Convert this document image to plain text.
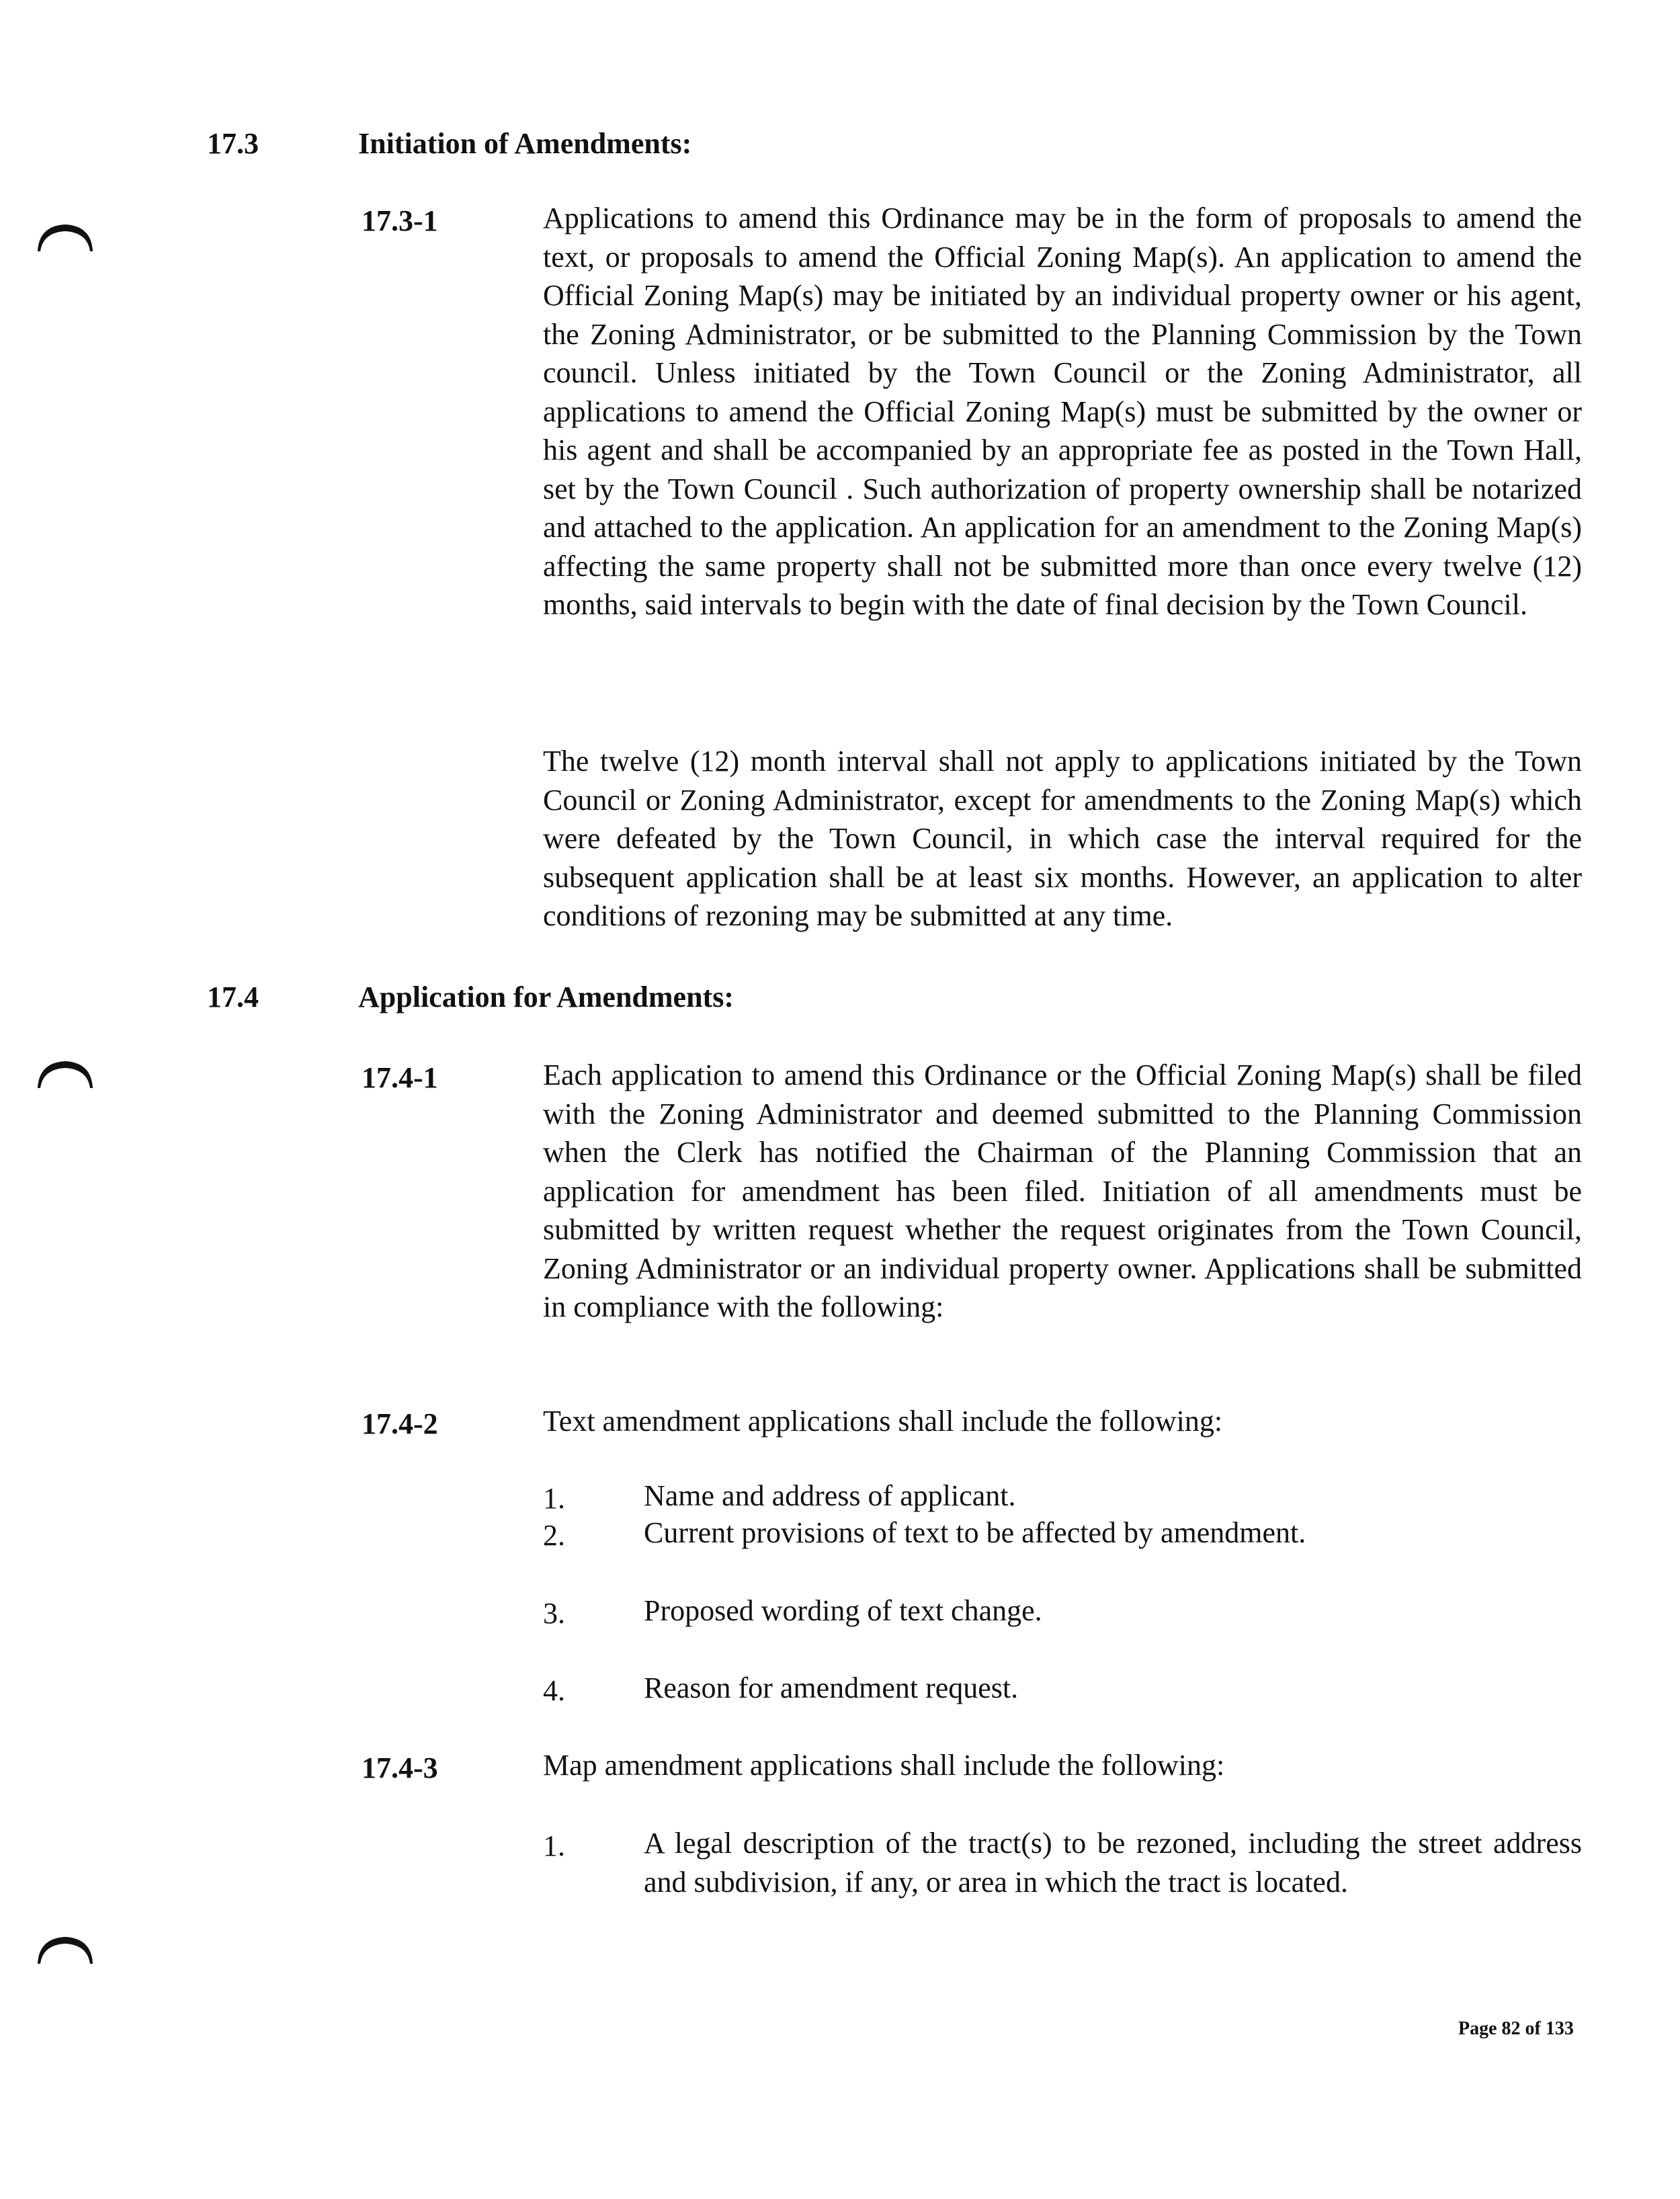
17.3	Initiation of Amendments:
17.3-1	Applications to amend this Ordinance may be in the form of proposals to amend the text, or proposals to amend the Official Zoning Map(s). An application to amend the Official Zoning Map(s) may be initiated by an individual property owner or his agent, the Zoning Administrator, or be submitted to the Planning Commission by the Town council. Unless initiated by the Town Council or the Zoning Administrator, all applications to amend the Official Zoning Map(s) must be submitted by the owner or his agent and shall be accompanied by an appropriate fee as posted in the Town Hall, set by the Town Council . Such authorization of property ownership shall be notarized and attached to the application. An application for an amendment to the Zoning Map(s) affecting the same property shall not be submitted more than once every twelve (12) months, said intervals to begin with the date of final decision by the Town Council.
The twelve (12) month interval shall not apply to applications initiated by the Town Council or Zoning Administrator, except for amendments to the Zoning Map(s) which were defeated by the Town Council, in which case the interval required for the subsequent application shall be at least six months. However, an application to alter conditions of rezoning may be submitted at any time.
17.4	Application for Amendments:
17.4-1	Each application to amend this Ordinance or the Official Zoning Map(s) shall be filed with the Zoning Administrator and deemed submitted to the Planning Commission when the Clerk has notified the Chairman of the Planning Commission that an application for amendment has been filed. Initiation of all amendments must be submitted by written request whether the request originates from the Town Council, Zoning Administrator or an individual property owner. Applications shall be submitted in compliance with the following:
17.4-2	Text amendment applications shall include the following:
1.	Name and address of applicant.
2.	Current provisions of text to be affected by amendment.
3.	Proposed wording of text change.
4.	Reason for amendment request.
17.4-3	Map amendment applications shall include the following:
1.	A legal description of the tract(s) to be rezoned, including the street address and subdivision, if any, or area in which the tract is located.
Page 82 of 133
